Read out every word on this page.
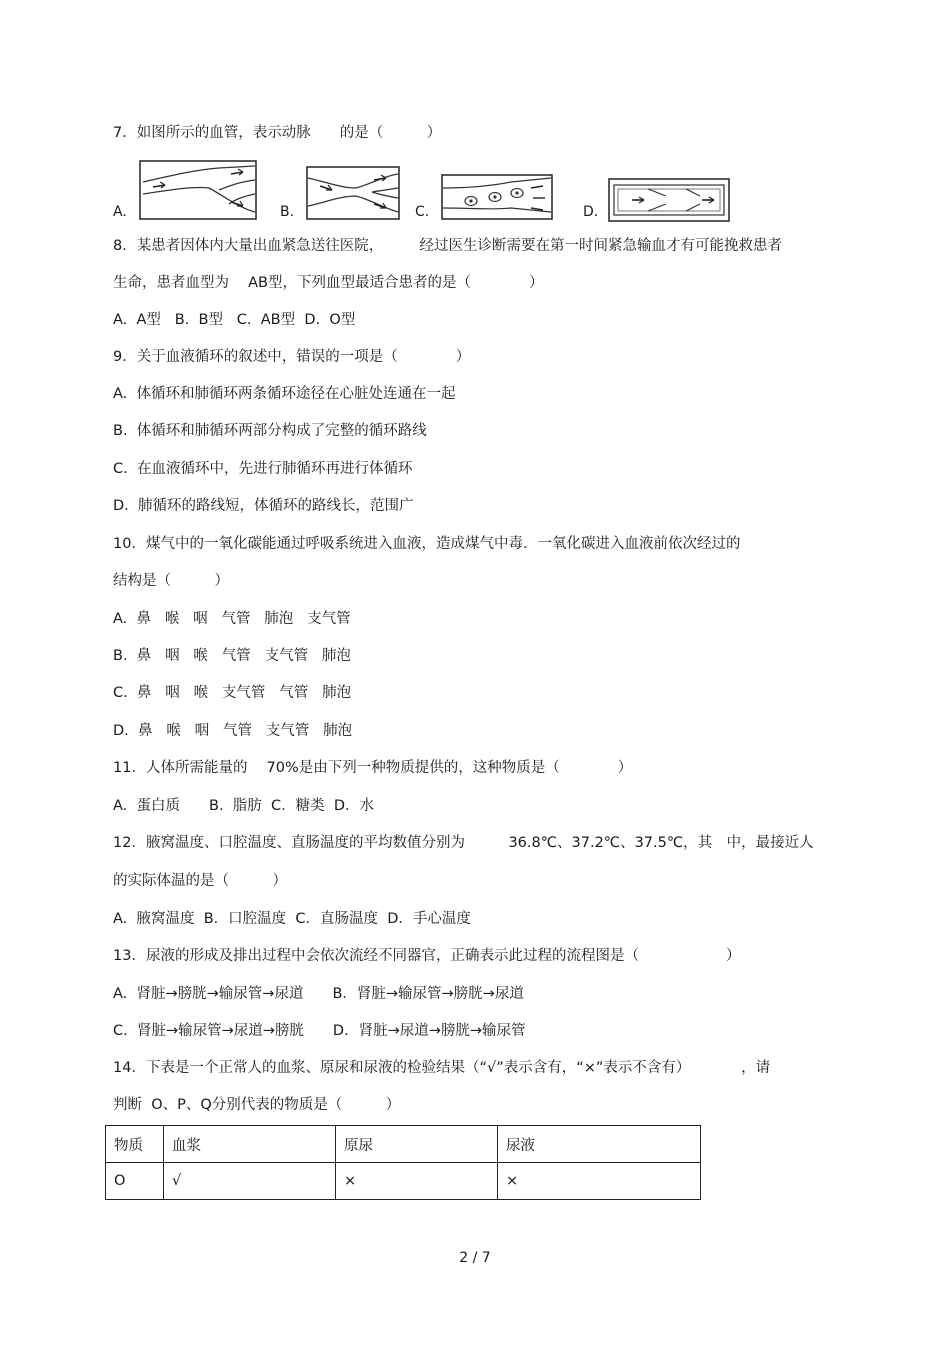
7．如图所示的血管，表示动脉　　的是（　　　）
A.	B.	C.	D.
8．某患者因体内大量出血紧急送往医院，　　　经过医生诊断需要在第一时间紧急输血才有可能挽救患者
生命，患者血型为　 AB型，下列血型最适合患者的是（　　　　）
A.  A型   B.  B型   C.  AB型  D.  O型
9．关于血液循环的叙述中，错误的一项是（　　　　）
A.  体循环和肺循环两条循环途径在心脏处连通在一起
B.  体循环和肺循环两部分构成了完整的循环路线
C.  在血液循环中，先进行肺循环再进行体循环
D.  肺循环的路线短，体循环的路线长，范围广
10．煤气中的一氧化碳能通过呼吸系统进入血液，造成煤气中毒．一氧化碳进入血液前依次经过的
结构是（　　　）
A.  鼻   喉   咽   气管   肺泡   支气管
B.  鼻   咽   喉   气管   支气管   肺泡
C.  鼻   咽   喉   支气管   气管   肺泡
D.  鼻   喉   咽   气管   支气管   肺泡
11．人体所需能量的　 70%是由下列一种物质提供的，这种物质是（　　　　）
A.  蛋白质　　B.  脂肪  C．糖类  D．水
12．腋窝温度、口腔温度、直肠温度的平均数值分别为　　　36.8℃、37.2℃、37.5℃，其　中，最接近人
的实际体温的是（　　　）
A.  腋窝温度  B．口腔温度  C．直肠温度  D．手心温度
13．尿液的形成及排出过程中会依次流经不同器官，正确表示此过程的流程图是（　　　　　　）
A.  肾脏→膀胱→输尿管→尿道　　B．肾脏→输尿管→膀胱→尿道
C.  肾脏→输尿管→尿道→膀胱　　D．肾脏→尿道→膀胱→输尿管
14．下表是一个正常人的血浆、原尿和尿液的检验结果（“√”表示含有，“×”表示不含有）　　　　，请
判断  O、P、Q分别代表的物质是（　　　）
物质	血浆	原尿	尿液
O	√	×	×
2 / 7
